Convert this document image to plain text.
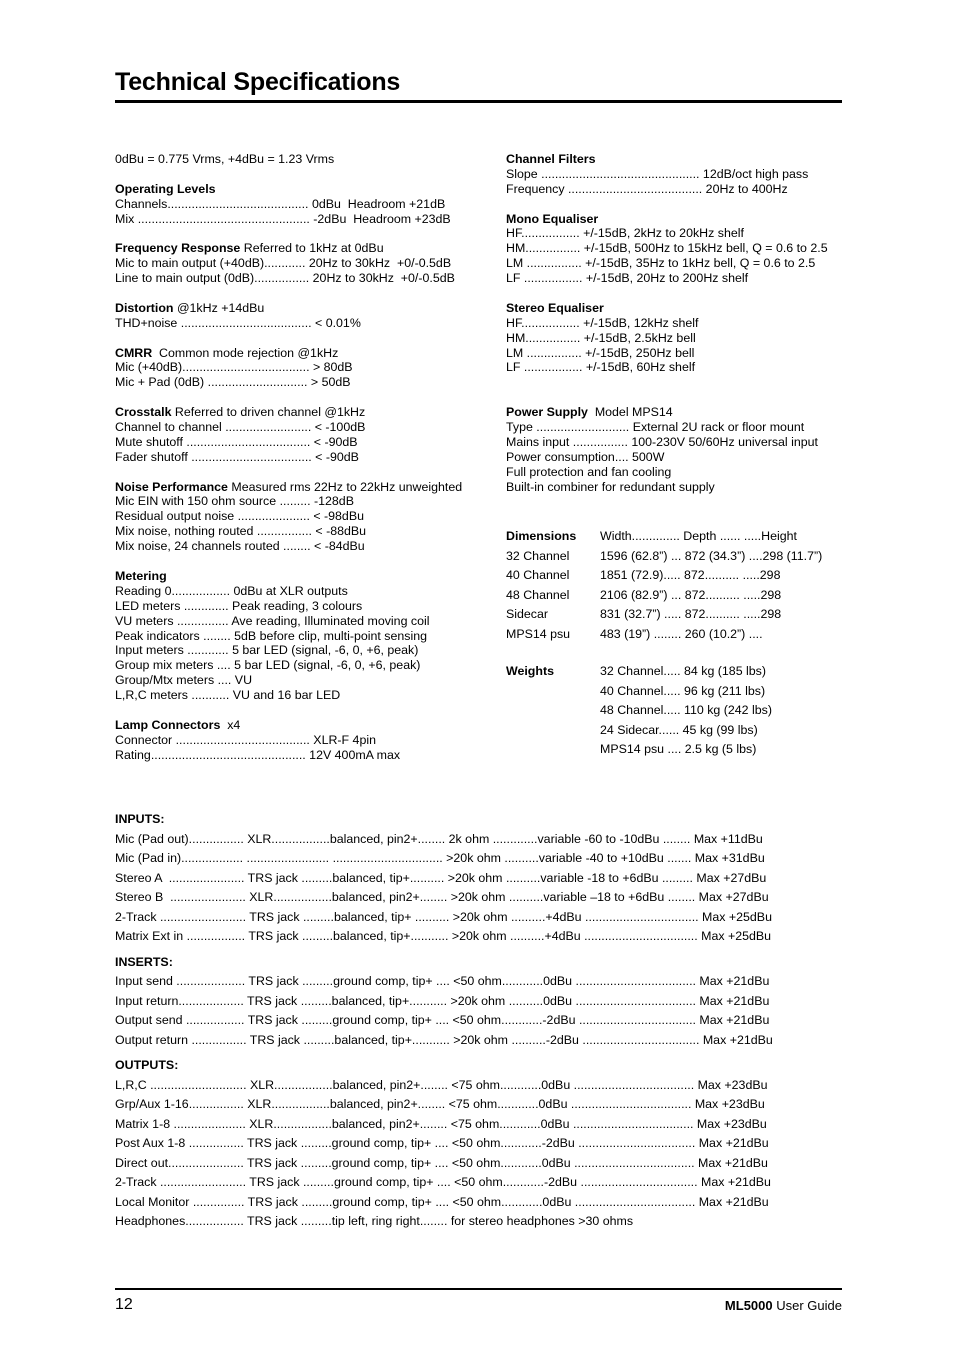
Technical Specifications
0dBu = 0.775 Vrms, +4dBu = 1.23 Vrms
Operating Levels
Channels......................................... 0dBu  Headroom +21dB
Mix .................................................. -2dBu  Headroom +23dB
Frequency Response Referred to 1kHz at 0dBu
Mic to main output (+40dB)............ 20Hz to 30kHz  +0/-0.5dB
Line to main output (0dB)................ 20Hz to 30kHz  +0/-0.5dB
Distortion @1kHz +14dBu
THD+noise ...................................... < 0.01%
CMRR  Common mode rejection @1kHz
Mic (+40dB)..................................... > 80dB
Mic + Pad (0dB) ............................. > 50dB
Crosstalk Referred to driven channel @1kHz
Channel to channel ......................... < -100dB
Mute shutoff .................................... < -90dB
Fader shutoff ................................... < -90dB
Noise Performance Measured rms 22Hz to 22kHz unweighted
Mic EIN with 150 ohm source ......... -128dB
Residual output noise ..................... < -98dBu
Mix noise, nothing routed ................ < -88dBu
Mix noise, 24 channels routed ........ < -84dBu
Metering
Reading 0................. 0dBu at XLR outputs
LED meters ............. Peak reading, 3 colours
VU meters ............... Ave reading, Illuminated moving coil
Peak indicators ........ 5dB before clip, multi-point sensing
Input meters ............ 5 bar LED (signal, -6, 0, +6, peak)
Group mix meters .... 5 bar LED (signal, -6, 0, +6, peak)
Group/Mtx meters .... VU
L,R,C meters ........... VU and 16 bar LED
Lamp Connectors  x4
Connector ....................................... XLR-F 4pin
Rating............................................. 12V 400mA max
Channel Filters
Slope .............................................. 12dB/oct high pass
Frequency ....................................... 20Hz to 400Hz
Mono Equaliser
HF................. +/-15dB, 2kHz to 20kHz shelf
HM................ +/-15dB, 500Hz to 15kHz bell, Q = 0.6 to 2.5
LM ................ +/-15dB, 35Hz to 1kHz bell, Q = 0.6 to 2.5
LF ................. +/-15dB, 20Hz to 200Hz shelf
Stereo Equaliser
HF................. +/-15dB, 12kHz shelf
HM................ +/-15dB, 2.5kHz bell
LM ................ +/-15dB, 250Hz bell
LF ................. +/-15dB, 60Hz shelf
Power Supply  Model MPS14
Type ........................... External 2U rack or floor mount
Mains input ................ 100-230V 50/60Hz universal input
Power consumption.... 500W
Full protection and fan cooling
Built-in combiner for redundant supply
Dimensions Width.............. Depth ...... .....Height
32 Channel 1596 (62.8”) ... 872 (34.3”) ....298 (11.7”)
40 Channel 1851 (72.9)..... 872.......... .....298
48 Channel 2106 (82.9”) ... 872.......... .....298
Sidecar	831 (32.7”) ..... 872.......... .....298
MPS14 psu 483 (19”) ........ 260 (10.2”) ....
Weights	32 Channel..... 84 kg (185 lbs)
40 Channel..... 96 kg (211 lbs)
48 Channel..... 110 kg (242 lbs)
24 Sidecar...... 45 kg (99 lbs)
MPS14 psu .... 2.5 kg (5 lbs)
INPUTS:
Mic (Pad out)................ XLR.................balanced, pin2+........ 2k ohm .............variable -60 to -10dBu ........ Max +11dBu
Mic (Pad in).................. ........................ ................................ >20k ohm ..........variable -40 to +10dBu ....... Max +31dBu
Stereo A  ...................... TRS jack .........balanced, tip+.......... >20k ohm ..........variable -18 to +6dBu ......... Max +27dBu
Stereo B  ...................... XLR.................balanced, pin2+........ >20k ohm ..........variable –18 to +6dBu ........ Max +27dBu
2-Track ......................... TRS jack .........balanced, tip+ .......... >20k ohm ..........+4dBu ................................. Max +25dBu
Matrix Ext in ................. TRS jack .........balanced, tip+........... >20k ohm ..........+4dBu ................................. Max +25dBu
INSERTS:
Input send .................... TRS jack .........ground comp, tip+ .... <50 ohm............0dBu ................................... Max +21dBu
Input return................... TRS jack .........balanced, tip+........... >20k ohm ..........0dBu ................................... Max +21dBu
Output send ................. TRS jack .........ground comp, tip+ .... <50 ohm............-2dBu .................................. Max +21dBu
Output return ................ TRS jack .........balanced, tip+........... >20k ohm ..........-2dBu .................................. Max +21dBu
OUTPUTS:
L,R,C ............................ XLR.................balanced, pin2+........ <75 ohm............0dBu ................................... Max +23dBu
Grp/Aux 1-16................ XLR.................balanced, pin2+........ <75 ohm............0dBu ................................... Max +23dBu
Matrix 1-8 ..................... XLR.................balanced, pin2+........ <75 ohm............0dBu ................................... Max +23dBu
Post Aux 1-8 ................ TRS jack .........ground comp, tip+ .... <50 ohm............-2dBu .................................. Max +21dBu
Direct out...................... TRS jack .........ground comp, tip+ .... <50 ohm............0dBu ................................... Max +21dBu
2-Track ......................... TRS jack .........ground comp, tip+ .... <50 ohm............-2dBu .................................. Max +21dBu
Local Monitor ............... TRS jack .........ground comp, tip+ .... <50 ohm............0dBu ................................... Max +21dBu
Headphones................. TRS jack .........tip left, ring right........ for stereo headphones >30 ohms
12	ML5000 User Guide
